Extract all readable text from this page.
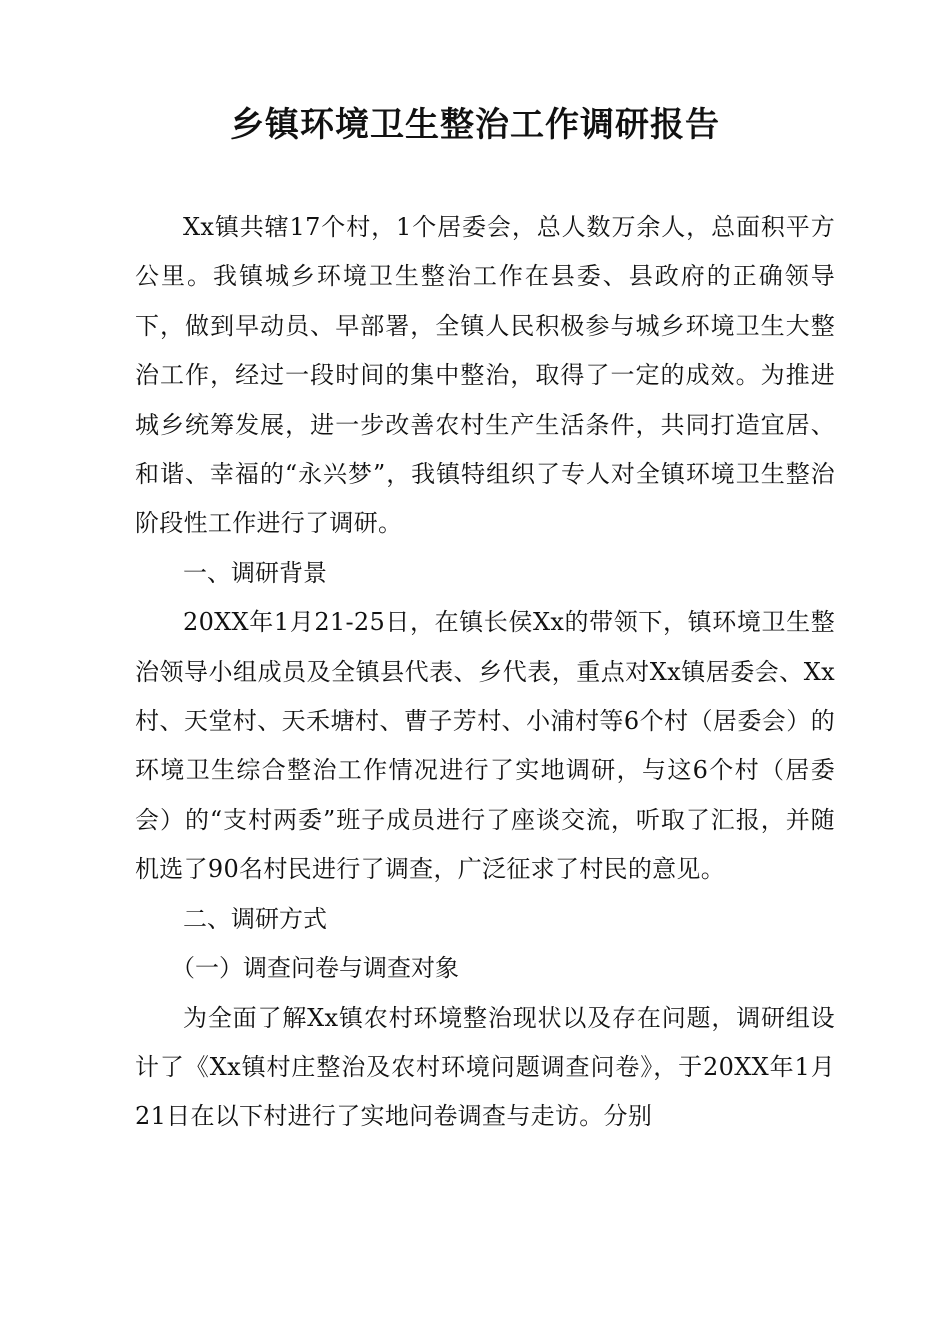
乡镇环境卫生整治工作调研报告

Xx镇共辖17个村，1个居委会，总人数万余人，总面积平方公里。我镇城乡环境卫生整治工作在县委、县政府的正确领导下，做到早动员、早部署，全镇人民积极参与城乡环境卫生大整治工作，经过一段时间的集中整治，取得了一定的成效。为推进城乡统筹发展，进一步改善农村生产生活条件，共同打造宜居、和谐、幸福的“永兴梦”，我镇特组织了专人对全镇环境卫生整治阶段性工作进行了调研。

一、调研背景

20XX年1月21-25日，在镇长侯Xx的带领下，镇环境卫生整治领导小组成员及全镇县代表、乡代表，重点对Xx镇居委会、Xx村、天堂村、天禾塘村、曹子芳村、小浦村等6个村（居委会）的环境卫生综合整治工作情况进行了实地调研，与这6个村（居委会）的“支村两委”班子成员进行了座谈交流，听取了汇报，并随机选了90名村民进行了调查，广泛征求了村民的意见。

二、调研方式

（一）调查问卷与调查对象

为全面了解Xx镇农村环境整治现状以及存在问题，调研组设计了《Xx镇村庄整治及农村环境问题调查问卷》，于20XX年1月21日在以下村进行了实地问卷调查与走访。分别
